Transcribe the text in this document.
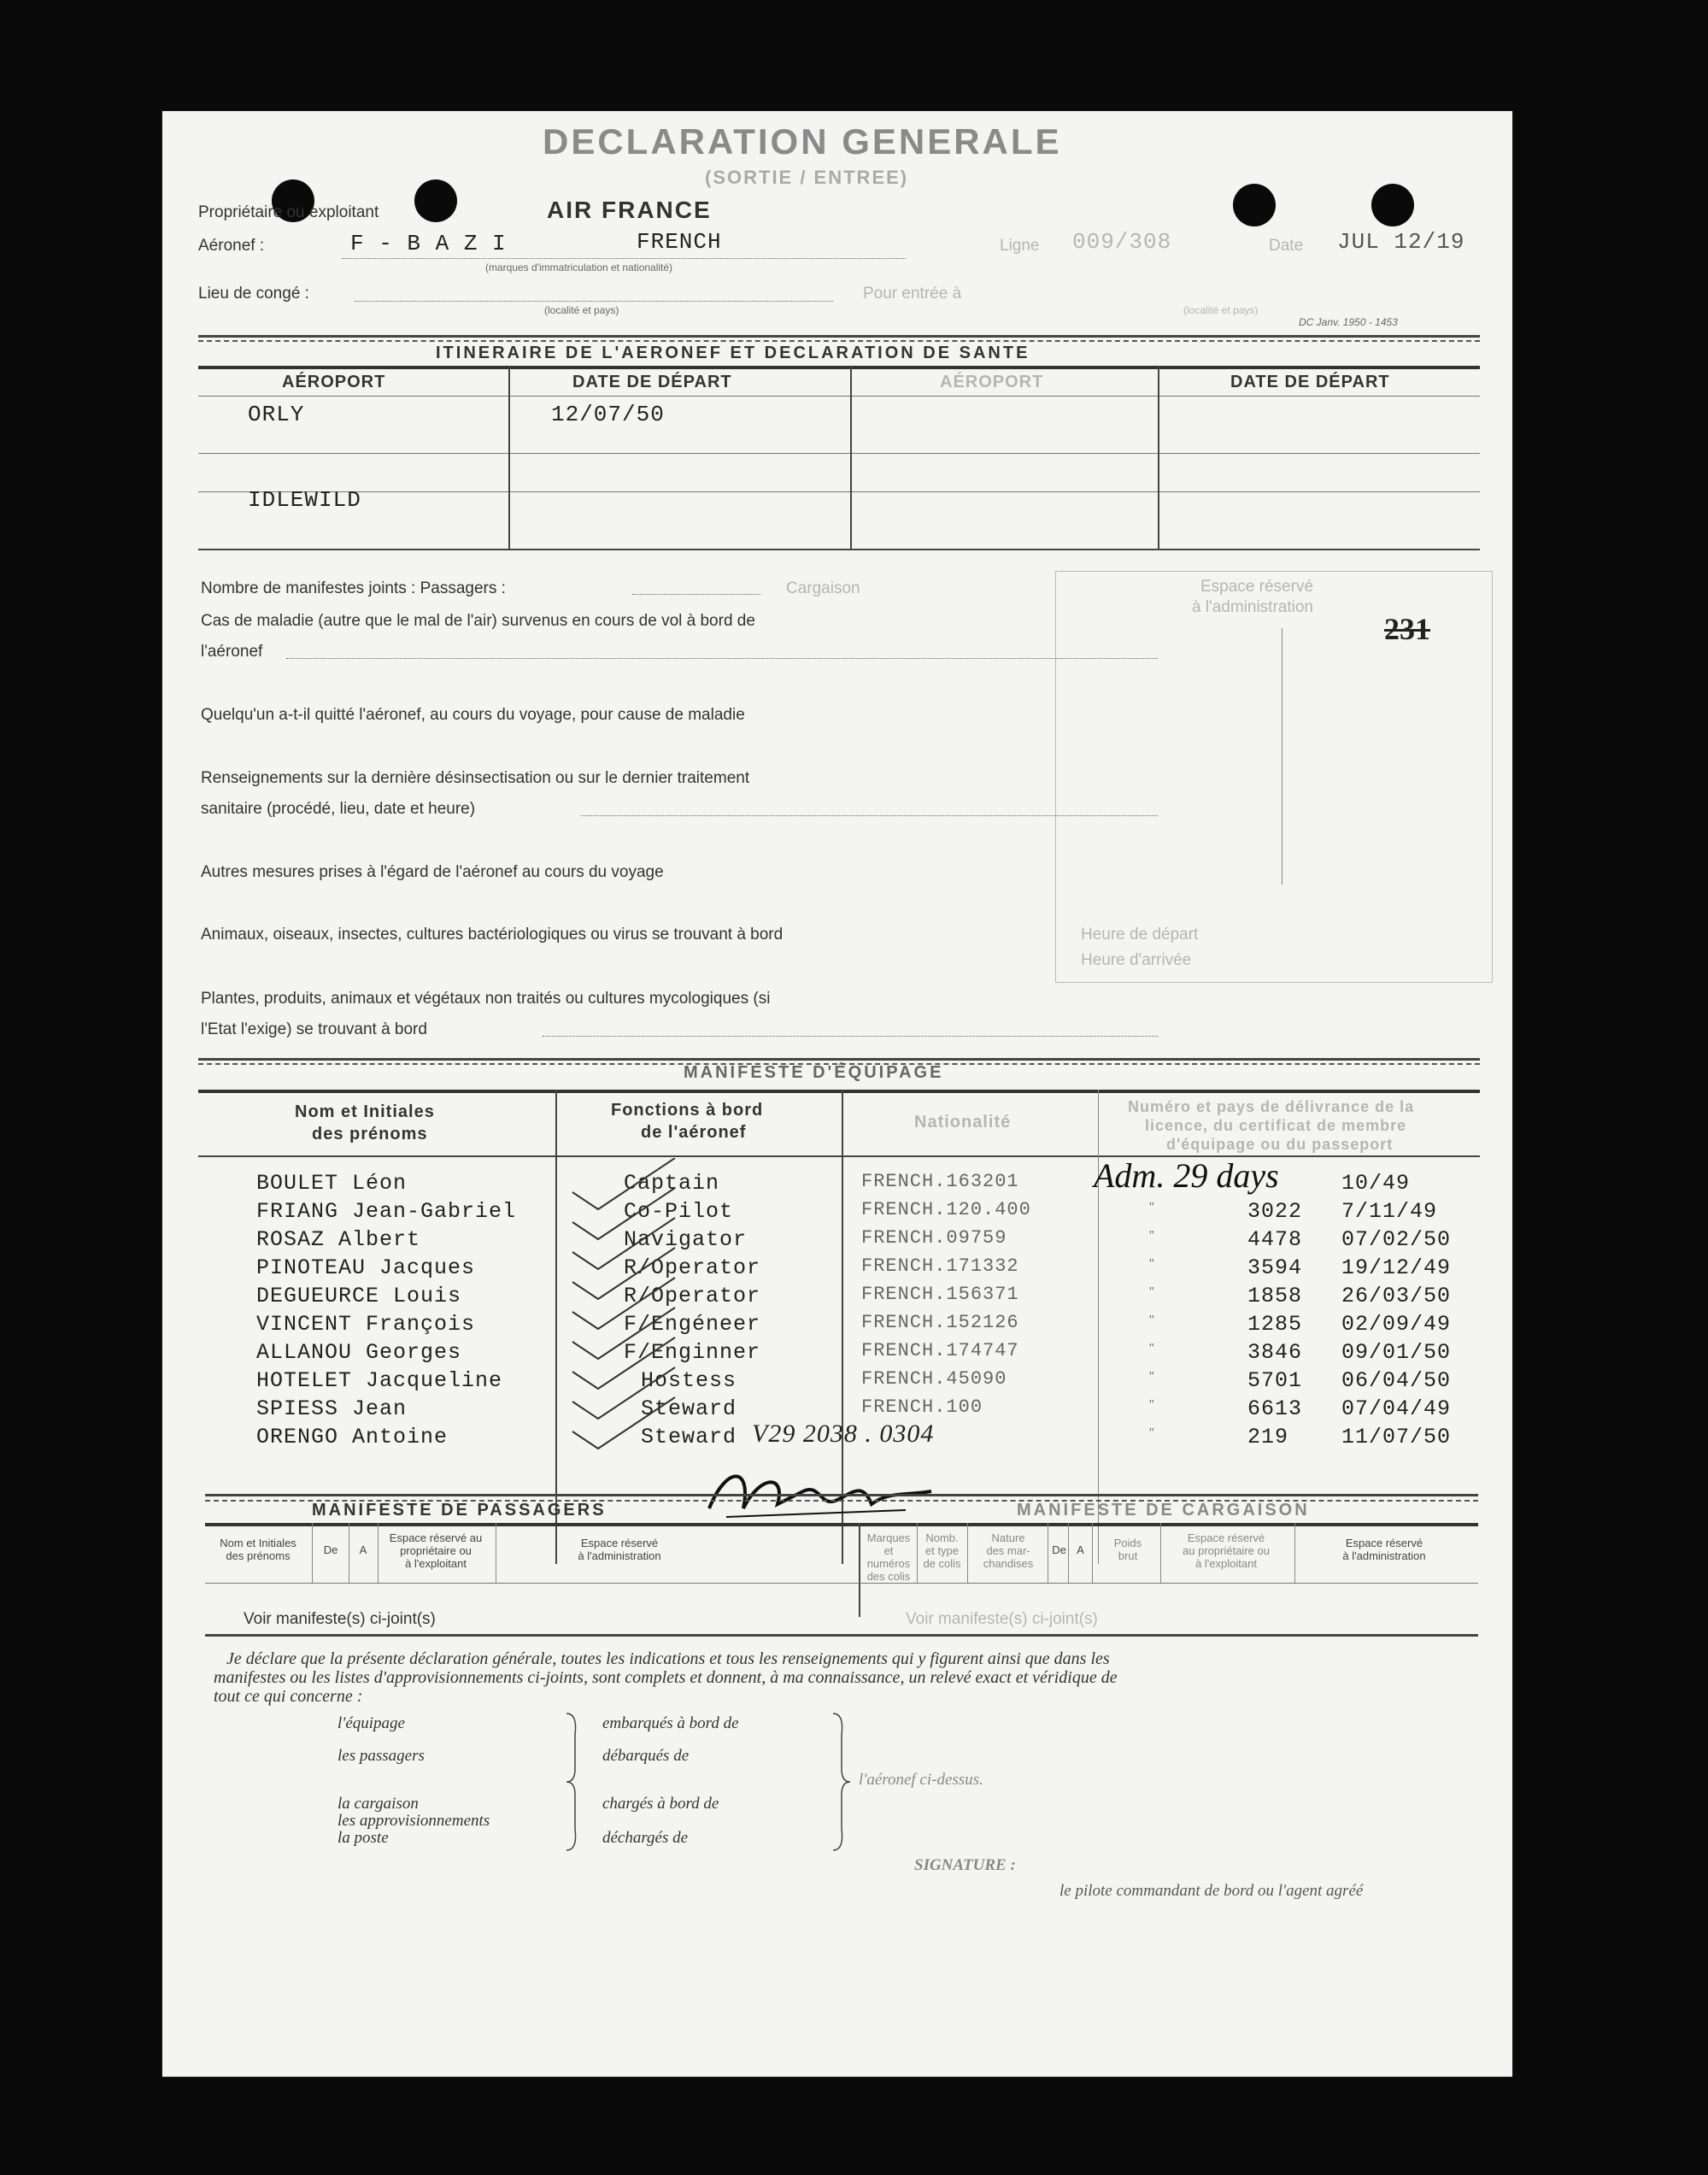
DECLARATION GENERALE
(SORTIE / ENTREE)
Propriétaire ou exploitant	AIR FRANCE
Aéronef :	F - B A Z I	FRENCH
(marques d'immatriculation et nationalité)
Ligne 009/308	Date JUL 12/19
Lieu de congé :
(localité et pays)
Pour entrée à
(localité et pays)
DC Janv. 1950 - 1453
ITINERAIRE DE L'AERONEF ET DECLARATION DE SANTE
AÉROPORT	DATE DE DÉPART	AÉROPORT	DATE DE DÉPART
ORLY	12/07/50
IDLEWILD
Nombre de manifestes joints : Passagers :	Cargaison
Cas de maladie (autre que le mal de l'air) survenus en cours de vol à bord de
l'aéronef
Quelqu'un a-t-il quitté l'aéronef, au cours du voyage, pour cause de maladie
Renseignements sur la dernière désinsectisation ou sur le dernier traitement
sanitaire (procédé, lieu, date et heure)
Autres mesures prises à l'égard de l'aéronef au cours du voyage
Animaux, oiseaux, insectes, cultures bactériologiques ou virus se trouvant à bord
Plantes, produits, animaux et végétaux non traités ou cultures mycologiques (si
l'Etat l'exige) se trouvant à bord
Espace réservé
à l'administration
231
Heure de départ
Heure d'arrivée
MANIFESTE D'ÉQUIPAGE
Nom et Initiales
des prénoms
Fonctions à bord
de l'aéronef
Nationalité
Numéro et pays de délivrance de la
licence, du certificat de membre
d'équipage ou du passeport
BOULET Léon	Captain	FRENCH.163201	10/49
FRIANG Jean-Gabriel	Co-Pilot	FRENCH.120.400	"	3022 7/11/49
ROSAZ Albert	Navigator	FRENCH.09759	"	4478 07/02/50
PINOTEAU Jacques	R/Operator	FRENCH.171332	"	3594 19/12/49
DEGUEURCE Louis	R/Operator	FRENCH.156371	"	1858 26/03/50
VINCENT François	F/Engéneer	FRENCH.152126	"	1285 02/09/49
ALLANOU Georges	F/Enginner	FRENCH.174747	"	3846 09/01/50
HOTELET Jacqueline	Hostess	FRENCH.45090	"	5701 06/04/50
SPIESS Jean	Steward	FRENCH.100	"	6613 07/04/49
ORENGO Antoine	Steward V29 2038 . 0304	"	219 11/07/50
Adm. 29 days
MANIFESTE DE PASSAGERS	MANIFESTE DE CARGAISON
Nom et Initiales
des prénoms	De	A
Espace réservé au
propriétaire ou
à l'exploitant
Espace réservé
à l'administration
Marques
et numéros
des colis
Nomb.
et type
de colis
Nature
des mar-
chandises
De A
Poids
brut
Espace réservé
au propriétaire ou
à l'exploitant
Espace réservé
à l'administration
Voir manifeste(s) ci-joint(s)	Voir manifeste(s) ci-joint(s)
Je déclare que la présente déclaration générale, toutes les indications et tous les renseignements qui y figurent ainsi que dans les
manifestes ou les listes d'approvisionnements ci-joints, sont complets et donnent, à ma connaissance, un relevé exact et véridique de
tout ce qui concerne :
l'équipage
les passagers
la cargaison
les approvisionnements
la poste
embarqués à bord de
débarqués de
chargés à bord de
déchargés de
l'aéronef ci-dessus.
SIGNATURE :
le pilote commandant de bord ou l'agent agréé
